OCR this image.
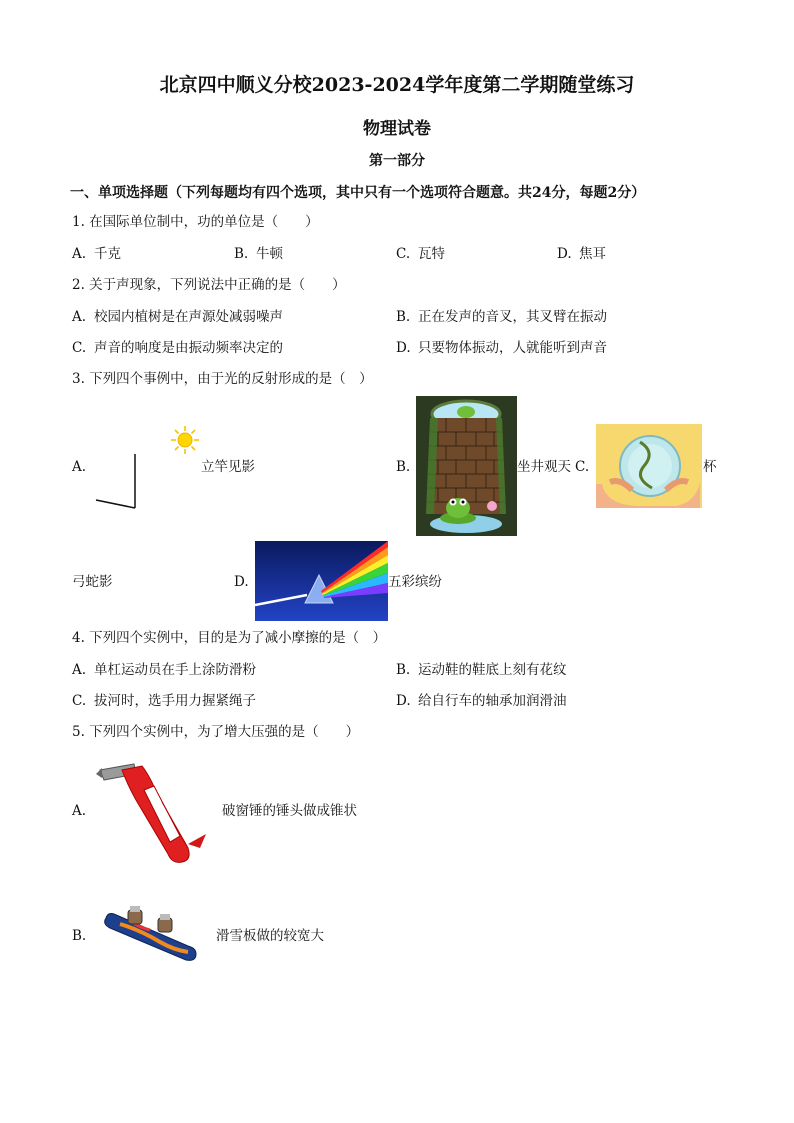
北京四中顺义分校2023-2024学年度第二学期随堂练习
物理试卷
第一部分
一、单项选择题（下列每题均有四个选项，其中只有一个选项符合题意。共24分，每题2分）
1. 在国际单位制中，功的单位是（　　）
A. 千克	B. 牛顿	C. 瓦特	D. 焦耳
2. 关于声现象，下列说法中正确的是（　　）
A. 校园内植树是在声源处减弱噪声	B. 正在发声的音叉，其叉臂在振动
C. 声音的响度是由振动频率决定的	D. 只要物体振动，人就能听到声音
3. 下列四个事例中，由于光的反射形成的是（　）
A.	立竿见影	B.	坐井观天 C.	杯
弓蛇影	D.	五彩缤纷
4. 下列四个实例中，目的是为了减小摩擦的是（　）
A. 单杠运动员在手上涂防滑粉	B. 运动鞋的鞋底上刻有花纹
C. 拔河时，选手用力握紧绳子	D. 给自行车的轴承加润滑油
5. 下列四个实例中，为了增大压强的是（　　）
A.	破窗锤的锤头做成锥状
B.	滑雪板做的较宽大
